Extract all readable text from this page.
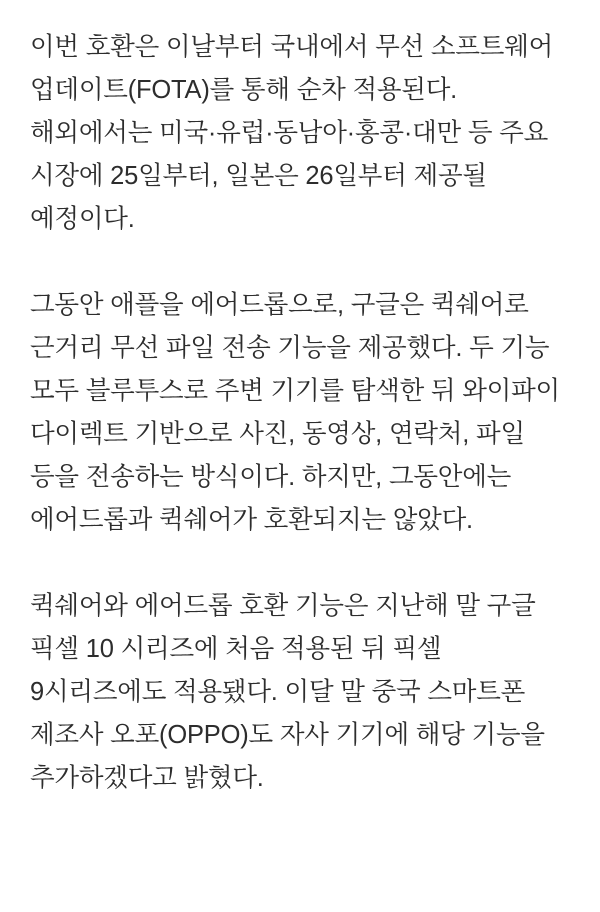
이번 호환은 이날부터 국내에서 무선 소프트웨어 업데이트(FOTA)를 통해 순차 적용된다. 해외에서는 미국·유럽·동남아·홍콩·대만 등 주요 시장에 25일부터, 일본은 26일부터 제공될 예정이다.

그동안 애플을 에어드롭으로, 구글은 퀵쉐어로 근거리 무선 파일 전송 기능을 제공했다. 두 기능 모두 블루투스로 주변 기기를 탐색한 뒤 와이파이 다이렉트 기반으로 사진, 동영상, 연락처, 파일 등을 전송하는 방식이다. 하지만, 그동안에는 에어드롭과 퀵쉐어가 호환되지는 않았다.

퀵쉐어와 에어드롭 호환 기능은 지난해 말 구글 픽셀 10 시리즈에 처음 적용된 뒤 픽셀 9시리즈에도 적용됐다. 이달 말 중국 스마트폰 제조사 오포(OPPO)도 자사 기기에 해당 기능을 추가하겠다고 밝혔다.
